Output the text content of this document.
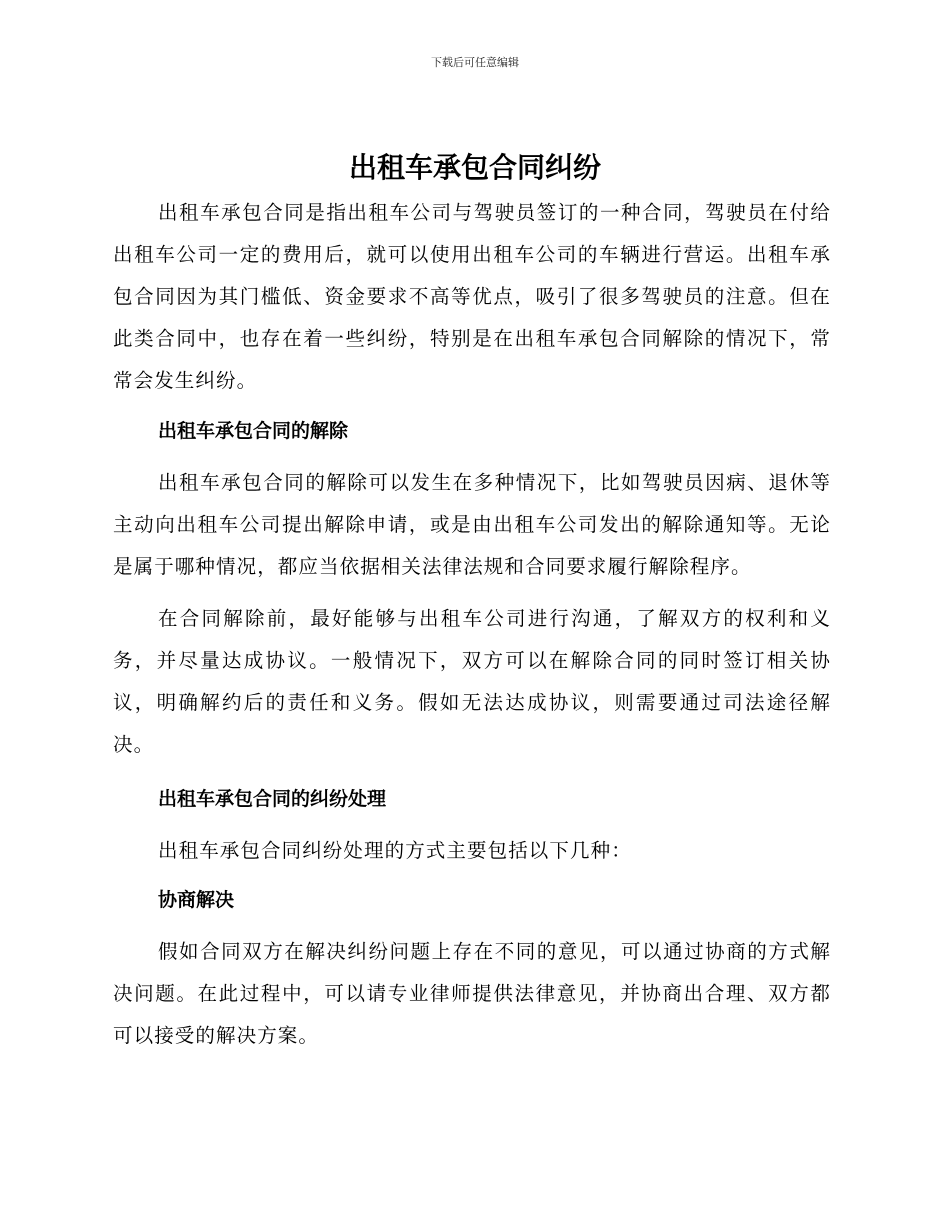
下载后可任意编辑
出租车承包合同纠纷

出租车承包合同是指出租车公司与驾驶员签订的一种合同，驾驶员在付给出租车公司一定的费用后，就可以使用出租车公司的车辆进行营运。出租车承包合同因为其门槛低、资金要求不高等优点，吸引了很多驾驶员的注意。但在此类合同中，也存在着一些纠纷，特别是在出租车承包合同解除的情况下，常常会发生纠纷。

出租车承包合同的解除

出租车承包合同的解除可以发生在多种情况下，比如驾驶员因病、退休等主动向出租车公司提出解除申请，或是由出租车公司发出的解除通知等。无论是属于哪种情况，都应当依据相关法律法规和合同要求履行解除程序。

在合同解除前，最好能够与出租车公司进行沟通，了解双方的权利和义务，并尽量达成协议。一般情况下，双方可以在解除合同的同时签订相关协议，明确解约后的责任和义务。假如无法达成协议，则需要通过司法途径解决。

出租车承包合同的纠纷处理

出租车承包合同纠纷处理的方式主要包括以下几种：

协商解决

假如合同双方在解决纠纷问题上存在不同的意见，可以通过协商的方式解决问题。在此过程中，可以请专业律师提供法律意见，并协商出合理、双方都可以接受的解决方案。
